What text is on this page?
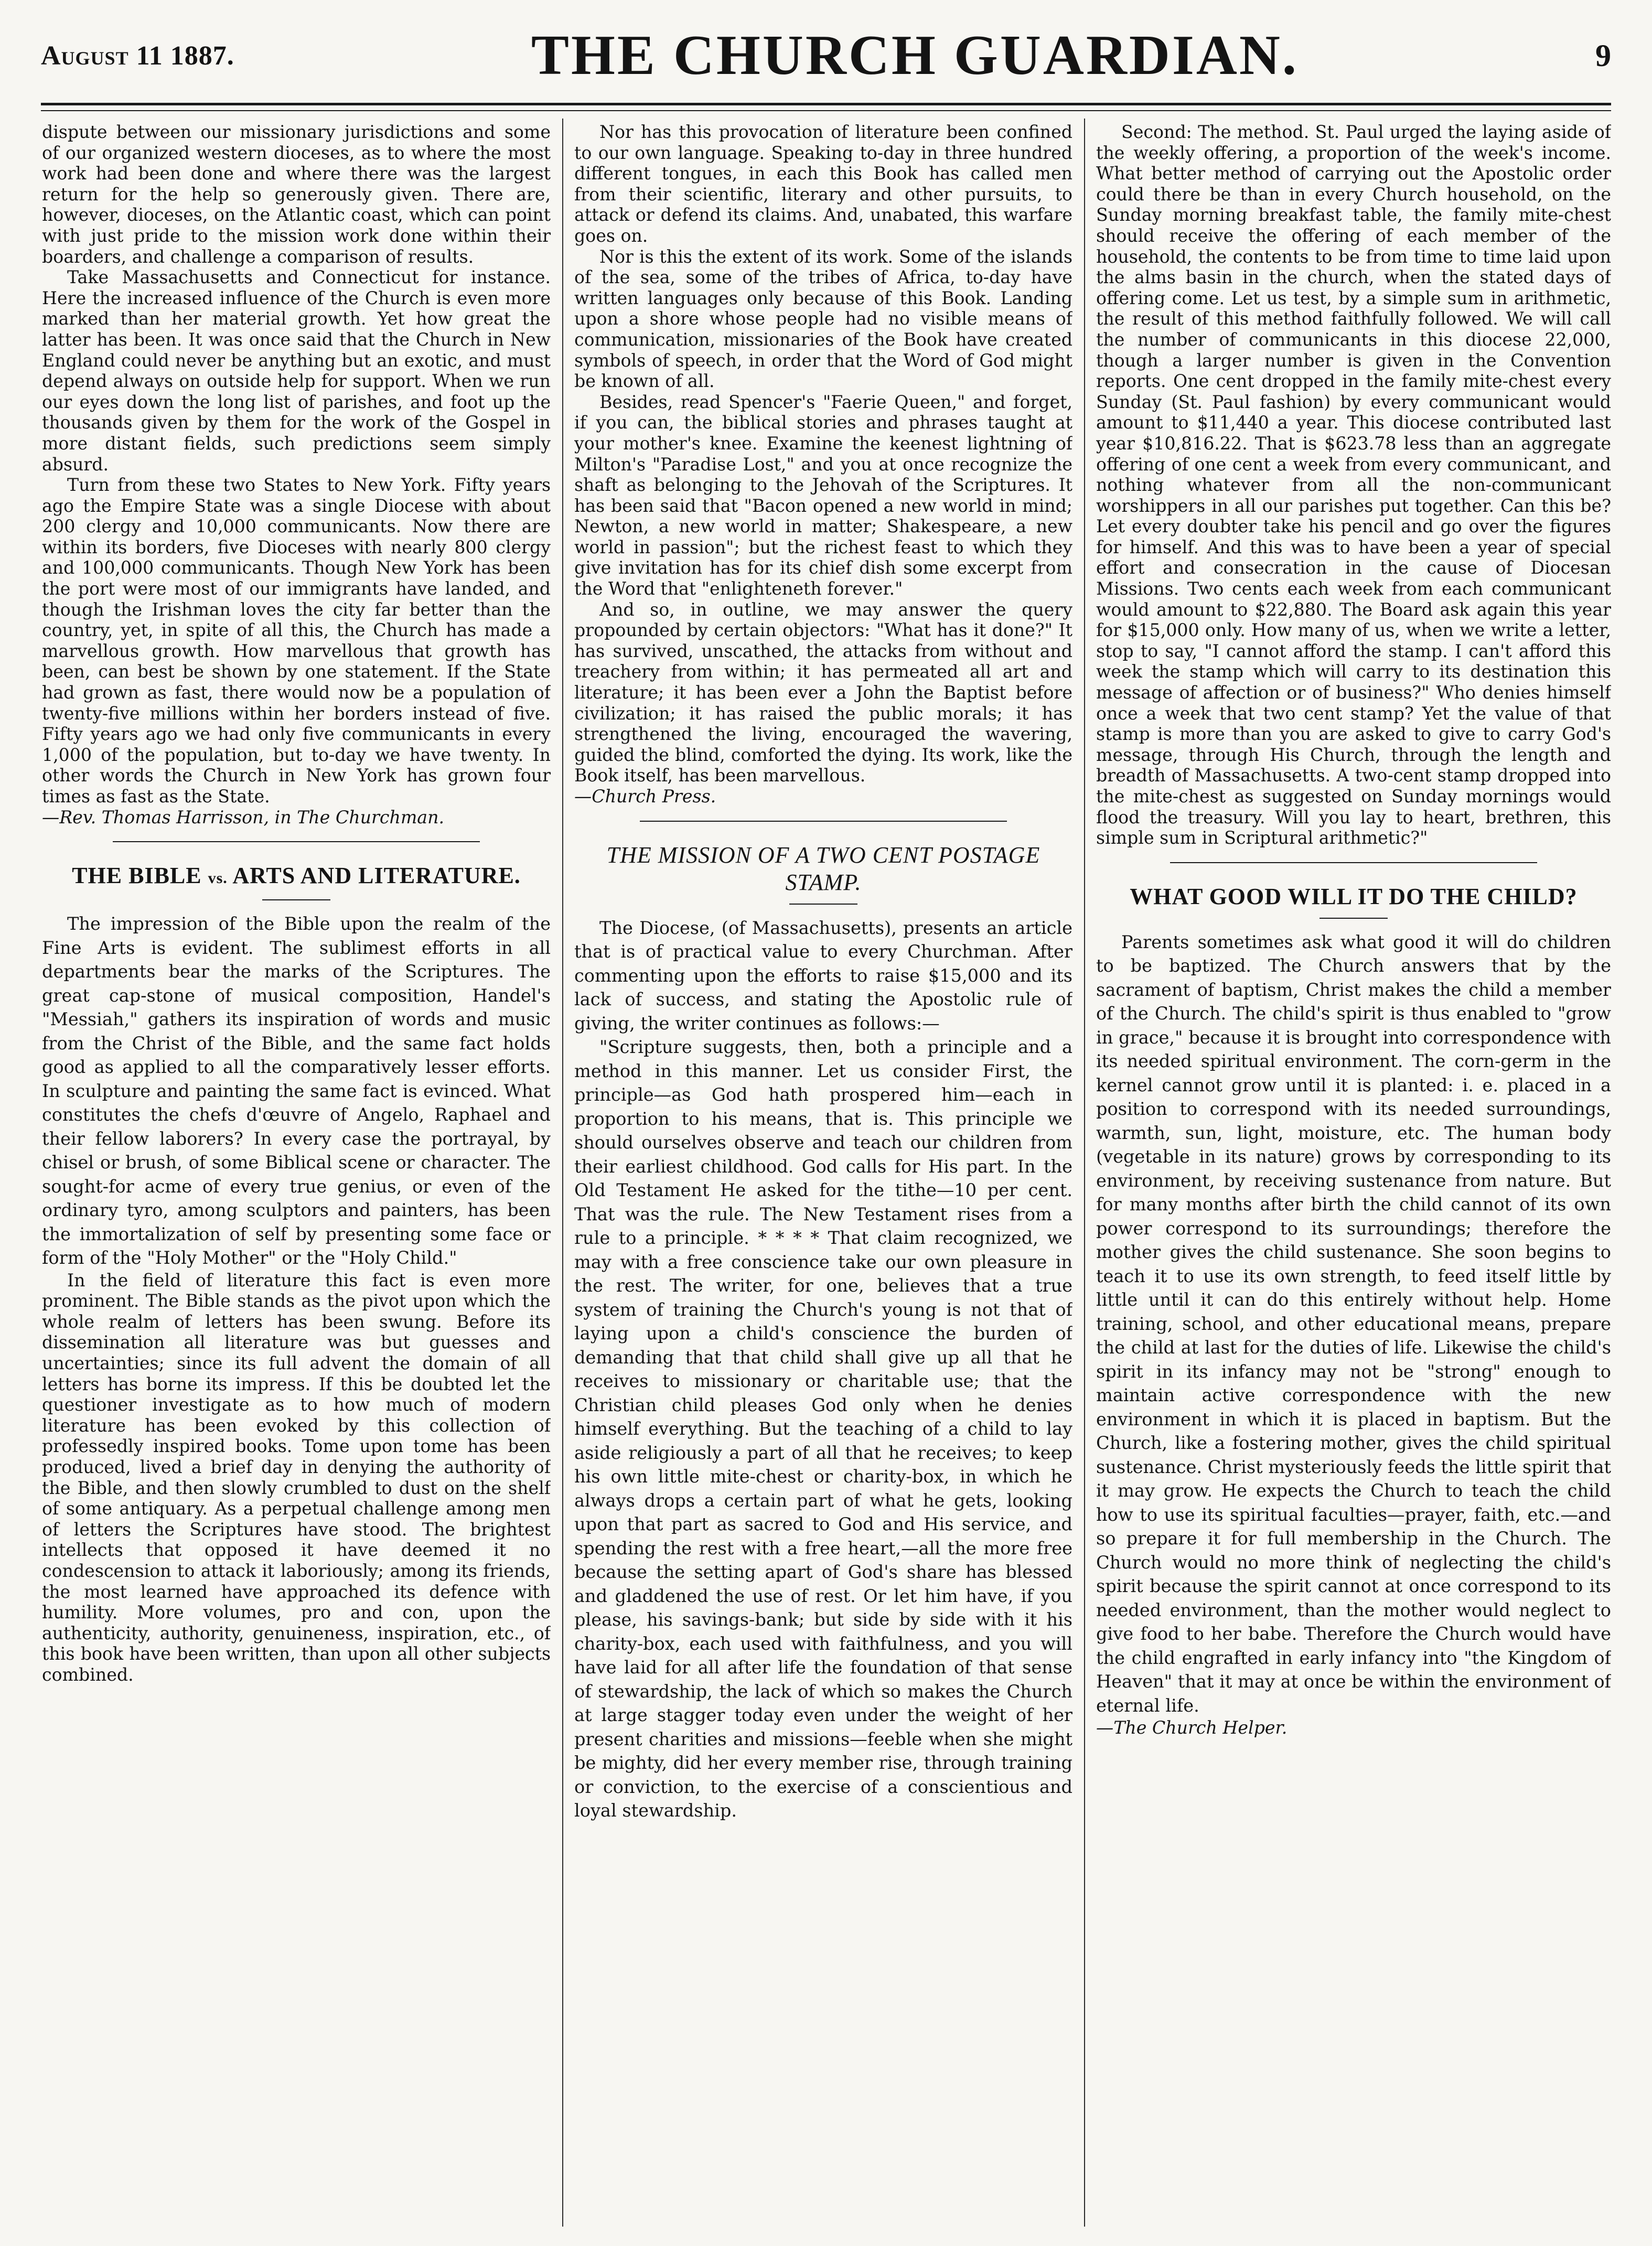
August 11 1887.	THE CHURCH GUARDIAN.	9

dispute between our missionary jurisdictions and some of our organized western dioceses, as to where the most work had been done and where there was the largest return for the help so generously given. There are, however, dioceses, on the Atlantic coast, which can point with just pride to the mission work done within their boarders, and challenge a comparison of results.

Take Massachusetts and Connecticut for instance. Here the increased influence of the Church is even more marked than her material growth. Yet how great the latter has been. It was once said that the Church in New England could never be anything but an exotic, and must depend always on outside help for support. When we run our eyes down the long list of parishes, and foot up the thousands given by them for the work of the Gospel in more distant fields, such predictions seem simply absurd.

Turn from these two States to New York. Fifty years ago the Empire State was a single Diocese with about 200 clergy and 10,000 communicants. Now there are within its borders, five Dioceses with nearly 800 clergy and 100,000 communicants. Though New York has been the port were most of our immigrants have landed, and though the Irishman loves the city far better than the country, yet, in spite of all this, the Church has made a marvellous growth. How marvellous that growth has been, can best be shown by one statement. If the State had grown as fast, there would now be a population of twenty-five millions within her borders instead of five. Fifty years ago we had only five communicants in every 1,000 of the population, but to-day we have twenty. In other words the Church in New York has grown four times as fast as the State.

—Rev. Thomas Harrisson, in The Churchman.

THE BIBLE vs. ARTS AND LITERATURE.

The impression of the Bible upon the realm of the Fine Arts is evident. The sublimest efforts in all departments bear the marks of the Scriptures. The great cap-stone of musical composition, Handel's "Messiah," gathers its inspiration of words and music from the Christ of the Bible, and the same fact holds good as applied to all the comparatively lesser efforts. In sculpture and painting the same fact is evinced. What constitutes the chefs d'œuvre of Angelo, Raphael and their fellow laborers? In every case the portrayal, by chisel or brush, of some Biblical scene or character. The sought-for acme of every true genius, or even of the ordinary tyro, among sculptors and painters, has been the immortalization of self by presenting some face or form of the "Holy Mother" or the "Holy Child."

In the field of literature this fact is even more prominent. The Bible stands as the pivot upon which the whole realm of letters has been swung. Before its dissemination all literature was but guesses and uncertainties; since its full advent the domain of all letters has borne its impress. If this be doubted let the questioner investigate as to how much of modern literature has been evoked by this collection of professedly inspired books. Tome upon tome has been produced, lived a brief day in denying the authority of the Bible, and then slowly crumbled to dust on the shelf of some antiquary. As a perpetual challenge among men of letters the Scriptures have stood. The brightest intellects that opposed it have deemed it no condescension to attack it laboriously; among its friends, the most learned have approached its defence with humility. More volumes, pro and con, upon the authenticity, authority, genuineness, inspiration, etc., of this book have been written, than upon all other subjects combined.

Nor has this provocation of literature been confined to our own language. Speaking to-day in three hundred different tongues, in each this Book has called men from their scientific, literary and other pursuits, to attack or defend its claims. And, unabated, this warfare goes on.

Nor is this the extent of its work. Some of the islands of the sea, some of the tribes of Africa, to-day have written languages only because of this Book. Landing upon a shore whose people had no visible means of communication, missionaries of the Book have created symbols of speech, in order that the Word of God might be known of all.

Besides, read Spencer's "Faerie Queen," and forget, if you can, the biblical stories and phrases taught at your mother's knee. Examine the keenest lightning of Milton's "Paradise Lost," and you at once recognize the shaft as belonging to the Jehovah of the Scriptures. It has been said that "Bacon opened a new world in mind; Newton, a new world in matter; Shakespeare, a new world in passion"; but the richest feast to which they give invitation has for its chief dish some excerpt from the Word that "enlighteneth forever."

And so, in outline, we may answer the query propounded by certain objectors: "What has it done?" It has survived, unscathed, the attacks from without and treachery from within; it has permeated all art and literature; it has been ever a John the Baptist before civilization; it has raised the public morals; it has strengthened the living, encouraged the wavering, guided the blind, comforted the dying. Its work, like the Book itself, has been marvellous.

—Church Press.

THE MISSION OF A TWO CENT POSTAGE STAMP.

The Diocese, (of Massachusetts), presents an article that is of practical value to every Churchman. After commenting upon the efforts to raise $15,000 and its lack of success, and stating the Apostolic rule of giving, the writer continues as follows:—

"Scripture suggests, then, both a principle and a method in this manner. Let us consider First, the principle—as God hath prospered him—each in proportion to his means, that is. This principle we should ourselves observe and teach our children from their earliest childhood. God calls for His part. In the Old Testament He asked for the tithe—10 per cent. That was the rule. The New Testament rises from a rule to a principle. * * * * That claim recognized, we may with a free conscience take our own pleasure in the rest. The writer, for one, believes that a true system of training the Church's young is not that of laying upon a child's conscience the burden of demanding that that child shall give up all that he receives to missionary or charitable use; that the Christian child pleases God only when he denies himself everything. But the teaching of a child to lay aside religiously a part of all that he receives; to keep his own little mite-chest or charity-box, in which he always drops a certain part of what he gets, looking upon that part as sacred to God and His service, and spending the rest with a free heart,—all the more free because the setting apart of God's share has blessed and gladdened the use of rest. Or let him have, if you please, his savings-bank; but side by side with it his charity-box, each used with faithfulness, and you will have laid for all after life the foundation of that sense of stewardship, the lack of which so makes the Church at large stagger today even under the weight of her present charities and missions—feeble when she might be mighty, did her every member rise, through training or conviction, to the exercise of a conscientious and loyal stewardship.

Second: The method. St. Paul urged the laying aside of the weekly offering, a proportion of the week's income. What better method of carrying out the Apostolic order could there be than in every Church household, on the Sunday morning breakfast table, the family mite-chest should receive the offering of each member of the household, the contents to be from time to time laid upon the alms basin in the church, when the stated days of offering come. Let us test, by a simple sum in arithmetic, the result of this method faithfully followed. We will call the number of communicants in this diocese 22,000, though a larger number is given in the Convention reports. One cent dropped in the family mite-chest every Sunday (St. Paul fashion) by every communicant would amount to $11,440 a year. This diocese contributed last year $10,816.22. That is $623.78 less than an aggregate offering of one cent a week from every communicant, and nothing whatever from all the non-communicant worshippers in all our parishes put together. Can this be? Let every doubter take his pencil and go over the figures for himself. And this was to have been a year of special effort and consecration in the cause of Diocesan Missions. Two cents each week from each communicant would amount to $22,880. The Board ask again this year for $15,000 only. How many of us, when we write a letter, stop to say, "I cannot afford the stamp. I can't afford this week the stamp which will carry to its destination this message of affection or of business?" Who denies himself once a week that two cent stamp? Yet the value of that stamp is more than you are asked to give to carry God's message, through His Church, through the length and breadth of Massachusetts. A two-cent stamp dropped into the mite-chest as suggested on Sunday mornings would flood the treasury. Will you lay to heart, brethren, this simple sum in Scriptural arithmetic?"

WHAT GOOD WILL IT DO THE CHILD?

Parents sometimes ask what good it will do children to be baptized. The Church answers that by the sacrament of baptism, Christ makes the child a member of the Church. The child's spirit is thus enabled to "grow in grace," because it is brought into correspondence with its needed spiritual environment. The corn-germ in the kernel cannot grow until it is planted: i. e. placed in a position to correspond with its needed surroundings, warmth, sun, light, moisture, etc. The human body (vegetable in its nature) grows by corresponding to its environment, by receiving sustenance from nature. But for many months after birth the child cannot of its own power correspond to its surroundings; therefore the mother gives the child sustenance. She soon begins to teach it to use its own strength, to feed itself little by little until it can do this entirely without help. Home training, school, and other educational means, prepare the child at last for the duties of life. Likewise the child's spirit in its infancy may not be "strong" enough to maintain active correspondence with the new environment in which it is placed in baptism. But the Church, like a fostering mother, gives the child spiritual sustenance. Christ mysteriously feeds the little spirit that it may grow. He expects the Church to teach the child how to use its spiritual faculties—prayer, faith, etc.—and so prepare it for full membership in the Church. The Church would no more think of neglecting the child's spirit because the spirit cannot at once correspond to its needed environment, than the mother would neglect to give food to her babe. Therefore the Church would have the child engrafted in early infancy into "the Kingdom of Heaven" that it may at once be within the environment of eternal life.

—The Church Helper.
